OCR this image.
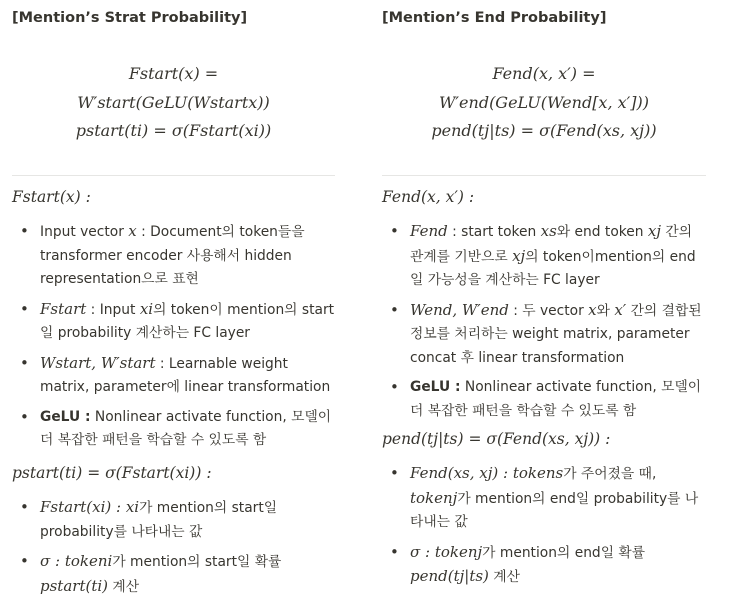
[Mention’s Strat Probability]
Fstart(x) =
W′start(GeLU(Wstartx))
pstart(ti) = σ(Fstart(xi))
Fstart(x) :
• Input vector x : Document의 token들을 transformer encoder 사용해서 hidden representation으로 표현
• Fstart : Input xi의 token이 mention의 start일 probability 계산하는 FC layer
• Wstart, W′start : Learnable weight matrix, parameter에 linear transformation
• GeLU : Nonlinear activate function, 모델이 더 복잡한 패턴을 학습할 수 있도록 함
pstart(ti) = σ(Fstart(xi)) :
• Fstart(xi) : xi가 mention의 start일 probability를 나타내는 값
• σ : tokeni가 mention의 start일 확률 pstart(ti) 계산
[Mention’s End Probability]
Fend(x, x′) =
W′end(GeLU(Wend[x, x′]))
pend(tj|ts) = σ(Fend(xs, xj))
Fend(x, x′) :
• Fend : start token xs와 end token xj 간의 관계를 기반으로 xj의 token이mention의 end일 가능성을 계산하는 FC layer
• Wend, W′end : 두 vector x와 x′ 간의 결합된 정보를 처리하는 weight matrix, parameter concat 후 linear transformation
• GeLU : Nonlinear activate function, 모델이 더 복잡한 패턴을 학습할 수 있도록 함
pend(tj|ts) = σ(Fend(xs, xj)) :
• Fend(xs, xj) : tokens가 주어졌을 때, tokenj가 mention의 end일 probability를 나타내는 값
• σ : tokenj가 mention의 end일 확률 pend(tj|ts) 계산
